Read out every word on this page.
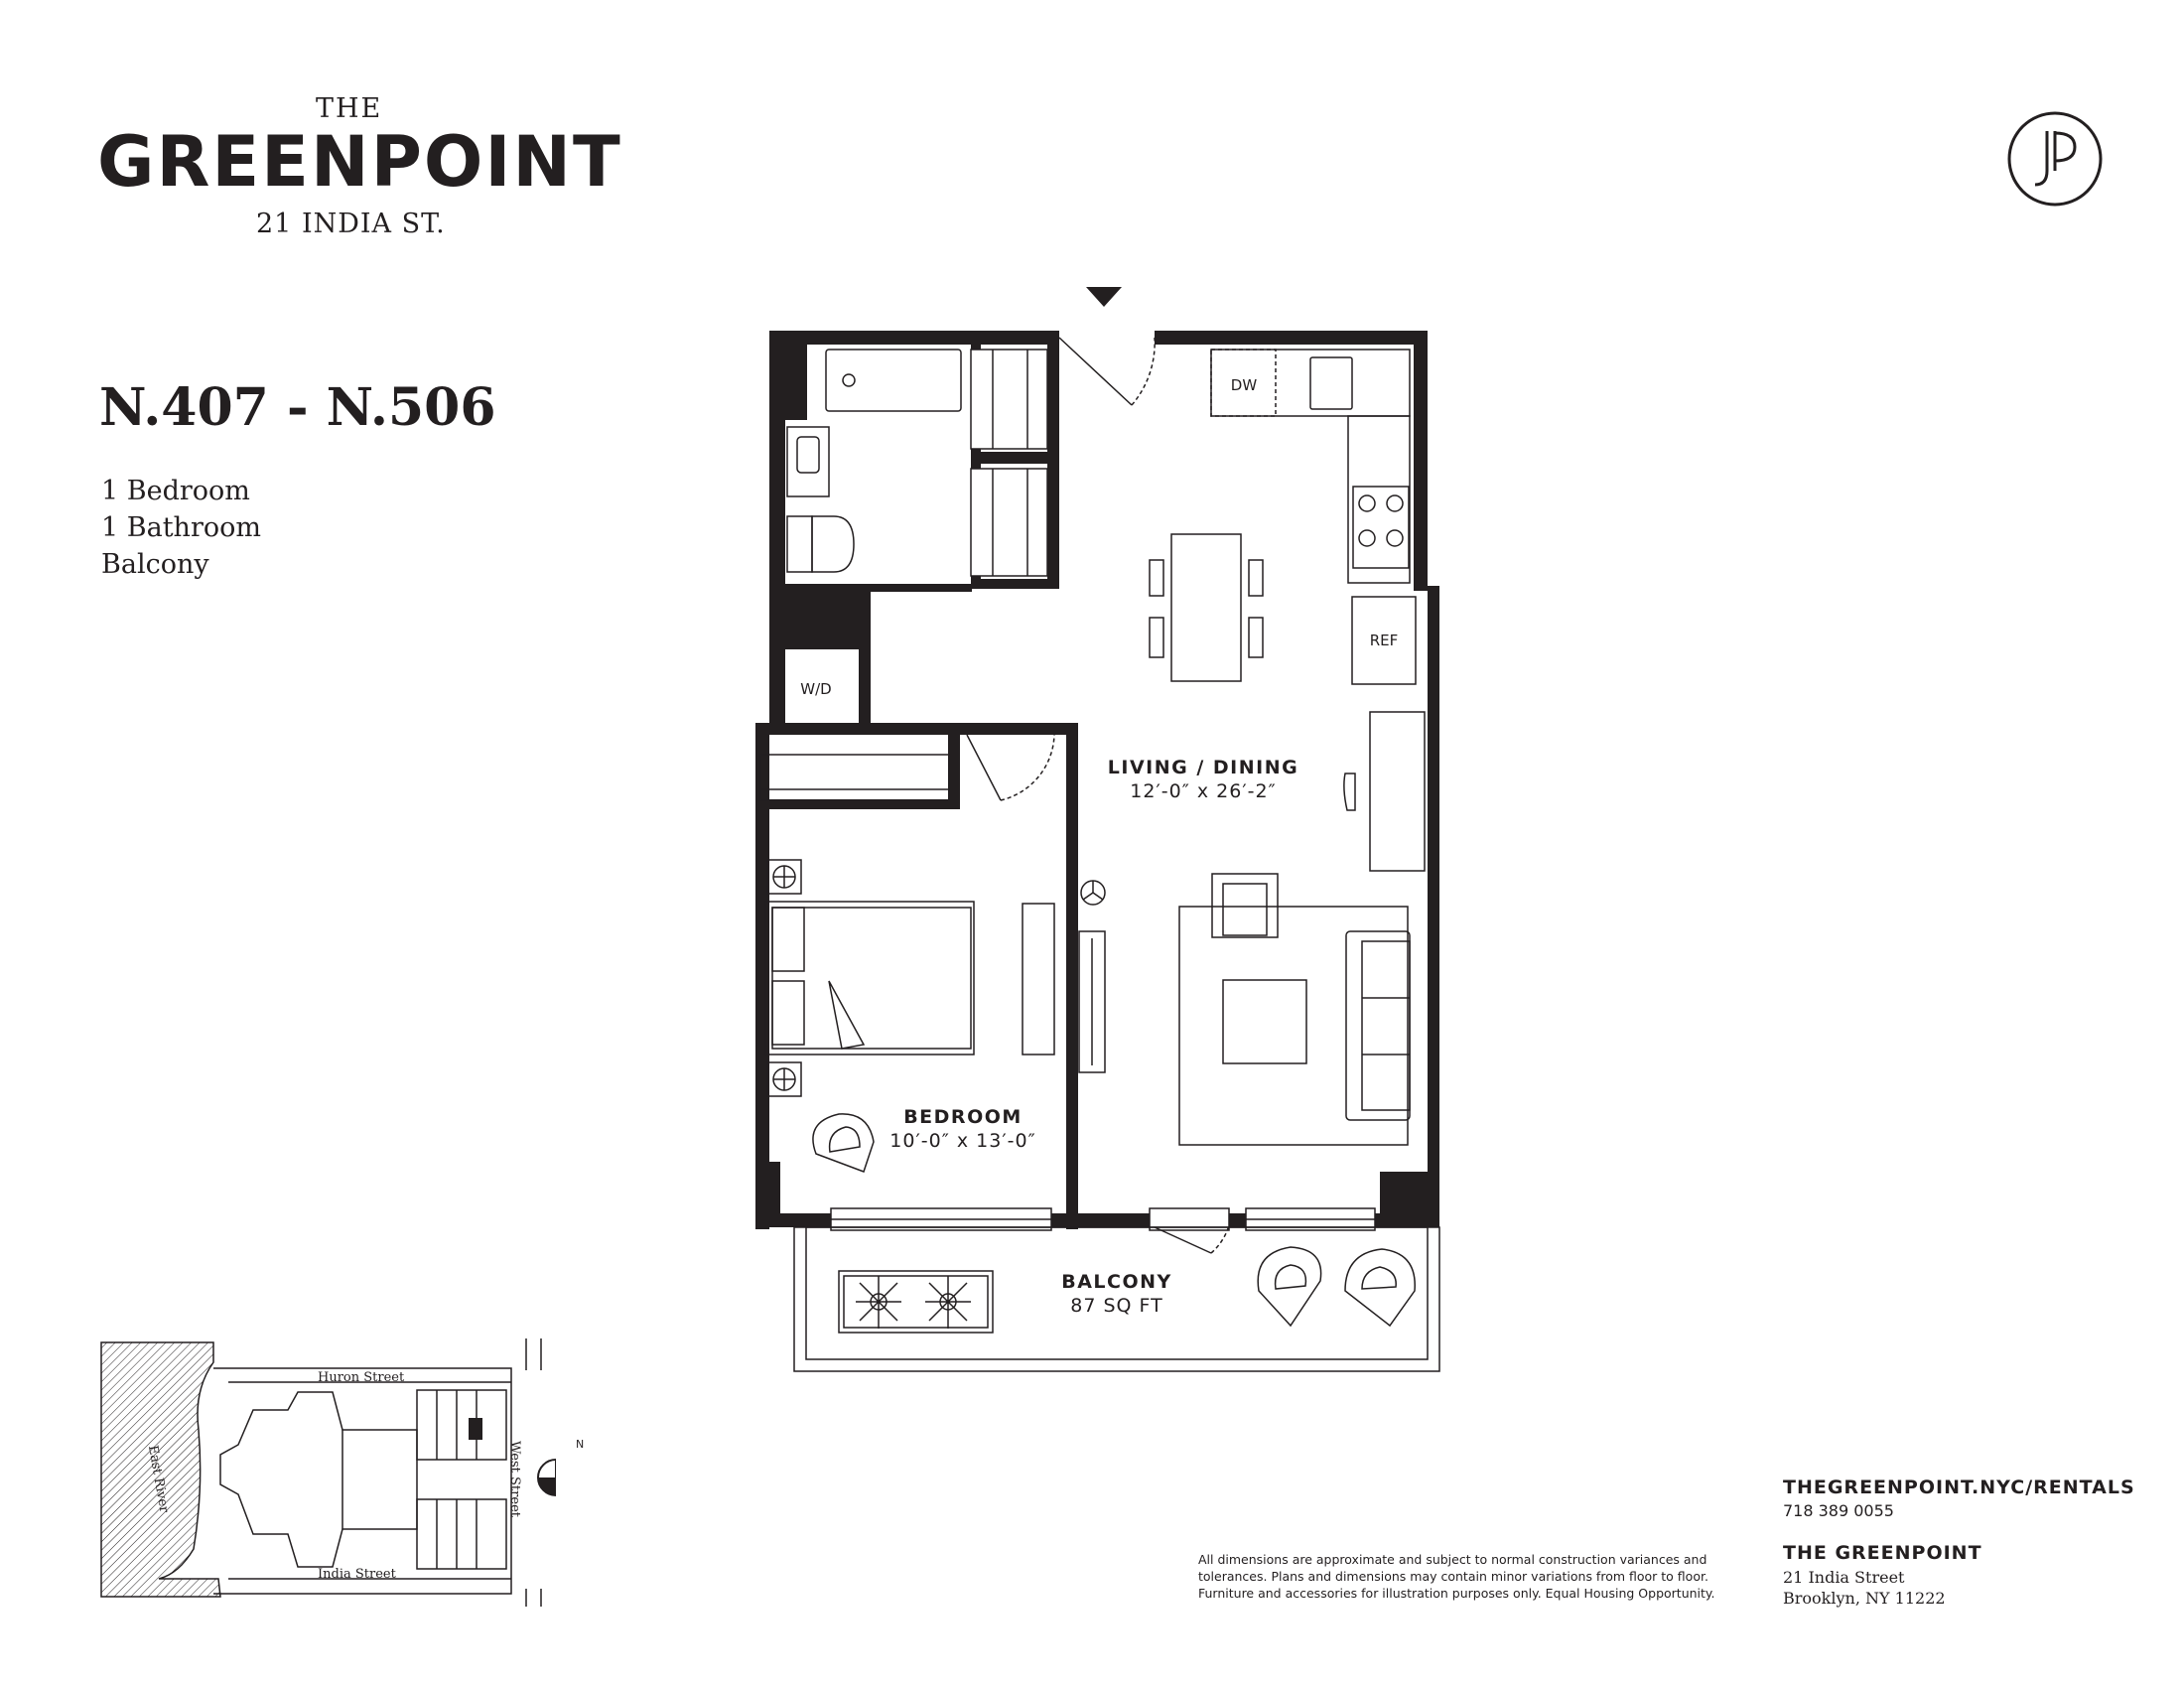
THE
GREENPOINT
21 INDIA ST.
N.407 - N.506
1 Bedroom
1 Bathroom
Balcony
DW
REF
W/D
LIVING / DINING
12′-0″ x 26′-2″
BEDROOM
10′-0″ x 13′-0″
BALCONY
87 SQ FT
Huron Street
India Street
West Street
East River	N
All dimensions are approximate and subject to normal construction variances and tolerances. Plans and dimensions may contain minor variations from floor to floor. Furniture and accessories for illustration purposes only. Equal Housing Opportunity.
THEGREENPOINT.NYC/RENTALS
718 389 0055
THE GREENPOINT
21 India Street
Brooklyn, NY 11222
